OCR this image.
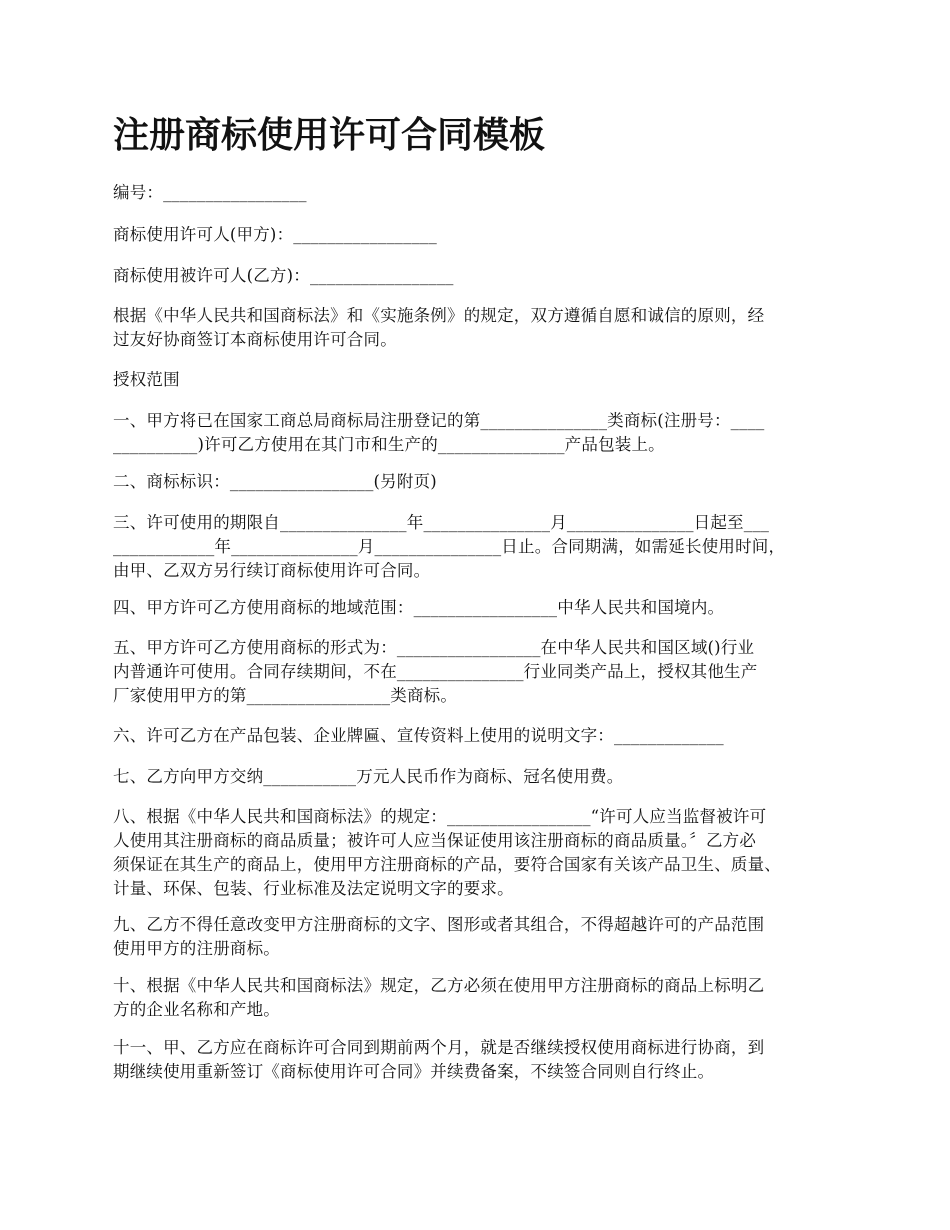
注册商标使用许可合同模板

编号：_________________

商标使用许可人(甲方)：_________________

商标使用被许可人(乙方)：_________________

根据《中华人民共和国商标法》和《实施条例》的规定，双方遵循自愿和诚信的原则，经
过友好协商签订本商标使用许可合同。

授权范围

一、甲方将已在国家工商总局商标局注册登记的第_______________类商标(注册号：____
__________)许可乙方使用在其门市和生产的_______________产品包装上。

二、商标标识：_________________(另附页)

三、许可使用的期限自_______________年_______________月_______________日起至___
____________年_______________月_______________日止。合同期满，如需延长使用时间，
由甲、乙双方另行续订商标使用许可合同。

四、甲方许可乙方使用商标的地域范围：_________________中华人民共和国境内。

五、甲方许可乙方使用商标的形式为：_________________在中华人民共和国区域()行业
内普通许可使用。合同存续期间，不在_______________行业同类产品上，授权其他生产
厂家使用甲方的第_________________类商标。

六、许可乙方在产品包装、企业牌匾、宣传资料上使用的说明文字：_____________

七、乙方向甲方交纳___________万元人民币作为商标、冠名使用费。

八、根据《中华人民共和国商标法》的规定：_________________“许可人应当监督被许可
人使用其注册商标的商品质量；被许可人应当保证使用该注册商标的商品质量。〞乙方必
须保证在其生产的商品上，使用甲方注册商标的产品，要符合国家有关该产品卫生、质量、
计量、环保、包装、行业标准及法定说明文字的要求。

九、乙方不得任意改变甲方注册商标的文字、图形或者其组合，不得超越许可的产品范围
使用甲方的注册商标。

十、根据《中华人民共和国商标法》规定，乙方必须在使用甲方注册商标的商品上标明乙
方的企业名称和产地。

十一、甲、乙方应在商标许可合同到期前两个月，就是否继续授权使用商标进行协商，到
期继续使用重新签订《商标使用许可合同》并续费备案，不续签合同则自行终止。
